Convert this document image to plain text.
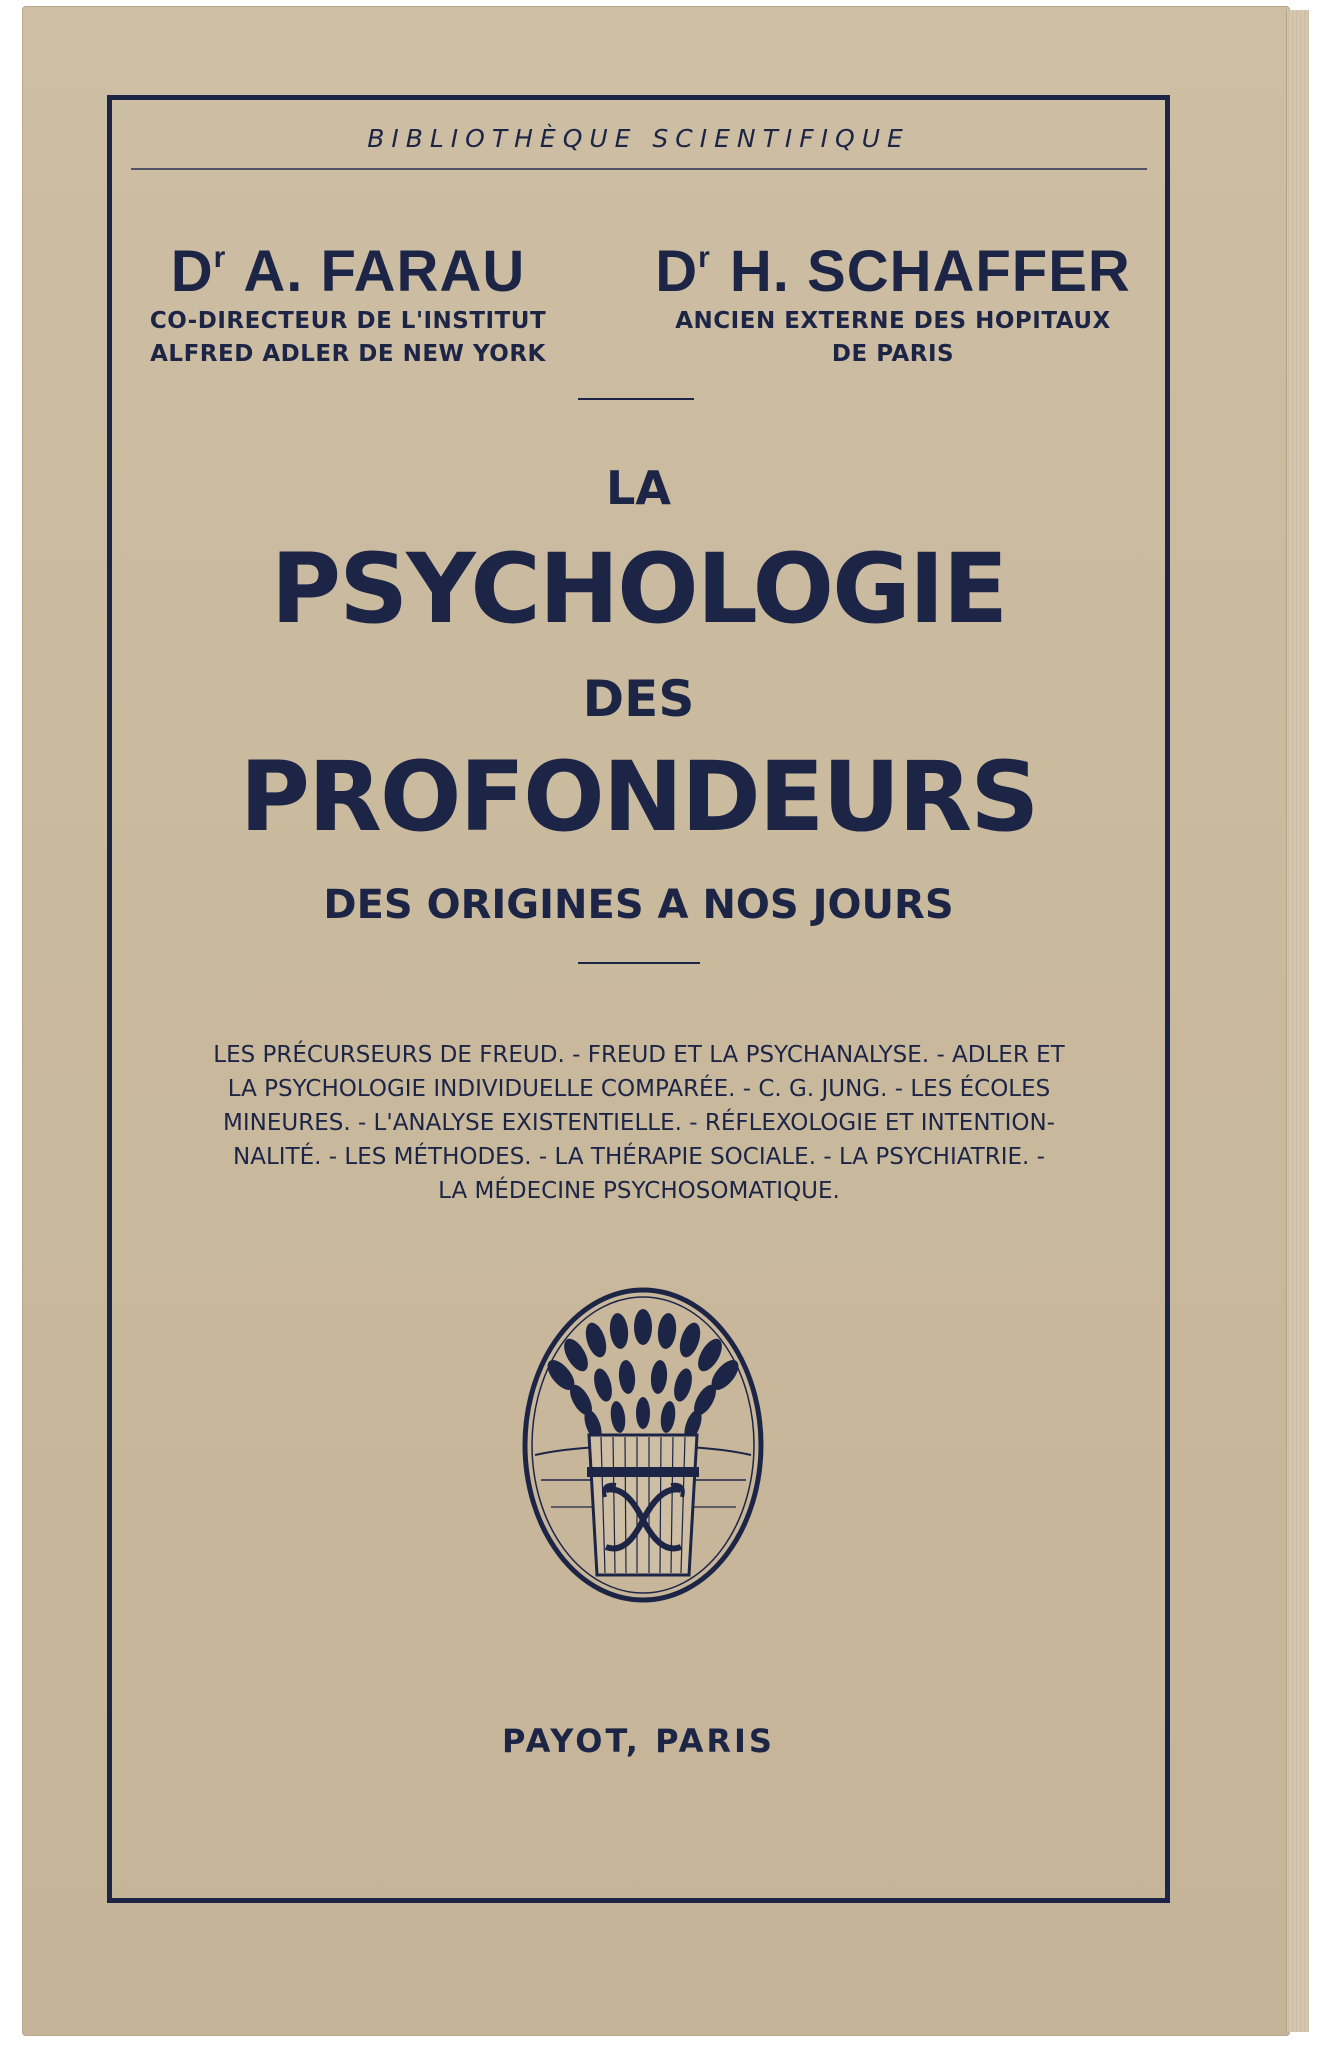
BIBLIOTHÈQUE SCIENTIFIQUE
$D^r$ A. FARAU
CO-DIRECTEUR DE L'INSTITUT
ALFRED ADLER DE NEW YORK
$D^r$ H. SCHAFFER
ANCIEN EXTERNE DES HOPITAUX
DE PARIS
LA
PSYCHOLOGIE
DES
PROFONDEURS
DES ORIGINES A NOS JOURS
LES PRÉCURSEURS DE FREUD. - FREUD ET LA PSYCHANALYSE. - ADLER ET
LA PSYCHOLOGIE INDIVIDUELLE COMPARÉE. - C. G. JUNG. - LES ÉCOLES
MINEURES. - L'ANALYSE EXISTENTIELLE. - RÉFLEXOLOGIE ET INTENTION-
NALITÉ. - LES MÉTHODES. - LA THÉRAPIE SOCIALE. - LA PSYCHIATRIE. -
LA MÉDECINE PSYCHOSOMATIQUE.
PAYOT, PARIS
